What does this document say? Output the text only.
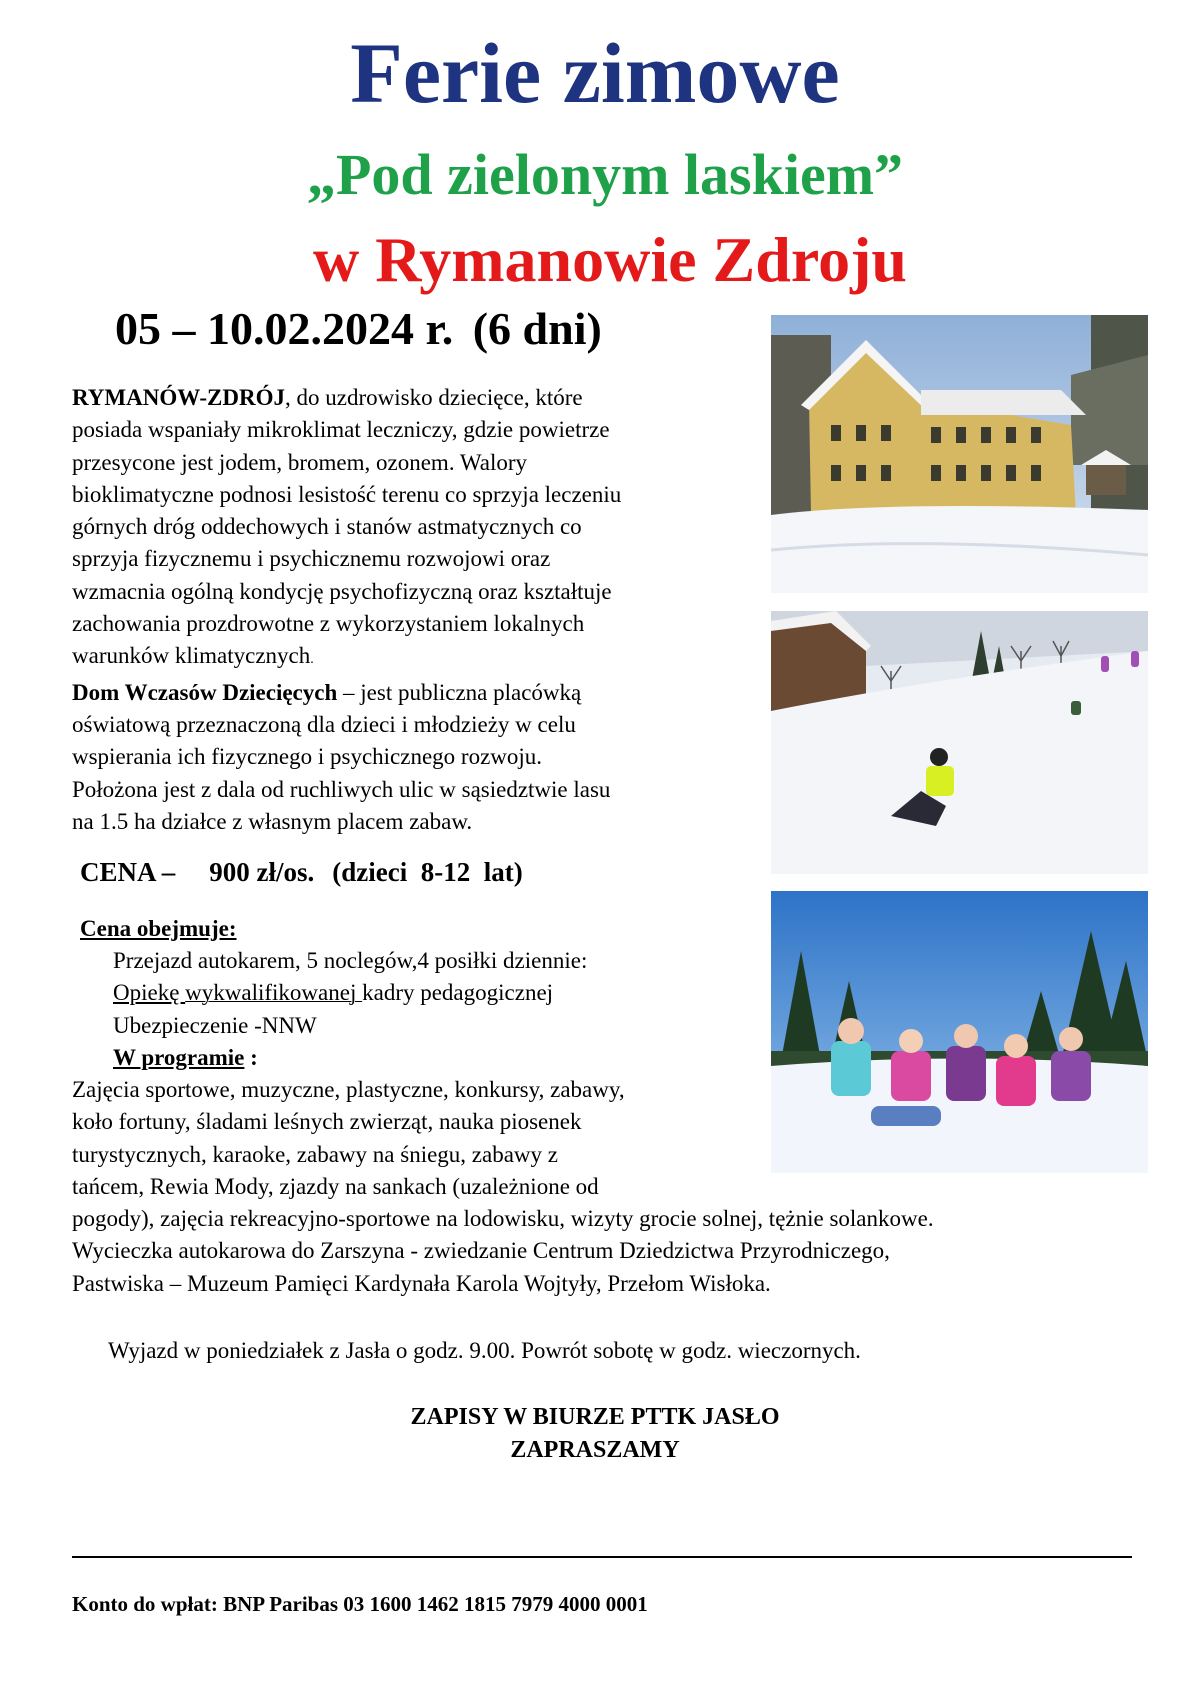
Ferie zimowe
„Pod zielonym laskiem”
w Rymanowie Zdroju
05 – 10.02.2024 r. (6 dni)
RYMANÓW-ZDRÓJ, do uzdrowisko dziecięce, które
posiada wspaniały mikroklimat leczniczy, gdzie powietrze
przesycone jest jodem, bromem, ozonem. Walory
bioklimatyczne podnosi lesistość terenu co sprzyja leczeniu
górnych dróg oddechowych i stanów astmatycznych co
sprzyja fizycznemu i psychicznemu rozwojowi oraz
wzmacnia ogólną kondycję psychofizyczną oraz kształtuje
zachowania prozdrowotne z wykorzystaniem lokalnych
warunków klimatycznych.
Dom Wczasów Dziecięcych – jest publiczna placówką
oświatową przeznaczoną dla dzieci i młodzieży w celu
wspierania ich fizycznego i psychicznego rozwoju.
Położona jest z dala od ruchliwych ulic w sąsiedztwie lasu
na 1.5 ha działce z własnym placem zabaw.
CENA – 900 zł/os. (dzieci  8-12  lat)
Cena obejmuje:
Przejazd autokarem, 5 noclegów,4 posiłki dziennie:
Opiekę wykwalifikowanej kadry pedagogicznej
Ubezpieczenie -NNW
W programie :
Zajęcia sportowe, muzyczne, plastyczne, konkursy, zabawy,
koło fortuny, śladami leśnych zwierząt, nauka piosenek
turystycznych, karaoke, zabawy na śniegu, zabawy z
tańcem, Rewia Mody, zjazdy na sankach (uzależnione od
pogody), zajęcia rekreacyjno-sportowe na lodowisku, wizyty grocie solnej, tężnie solankowe.
Wycieczka autokarowa do Zarszyna - zwiedzanie Centrum Dziedzictwa Przyrodniczego,
Pastwiska – Muzeum Pamięci Kardynała Karola Wojtyły, Przełom Wisłoka.
Wyjazd w poniedziałek z Jasła o godz. 9.00. Powrót sobotę w godz. wieczornych.
ZAPISY W BIURZE PTTK JASŁO
ZAPRASZAMY
Konto do wpłat: BNP Paribas 03 1600 1462 1815 7979 4000 0001
